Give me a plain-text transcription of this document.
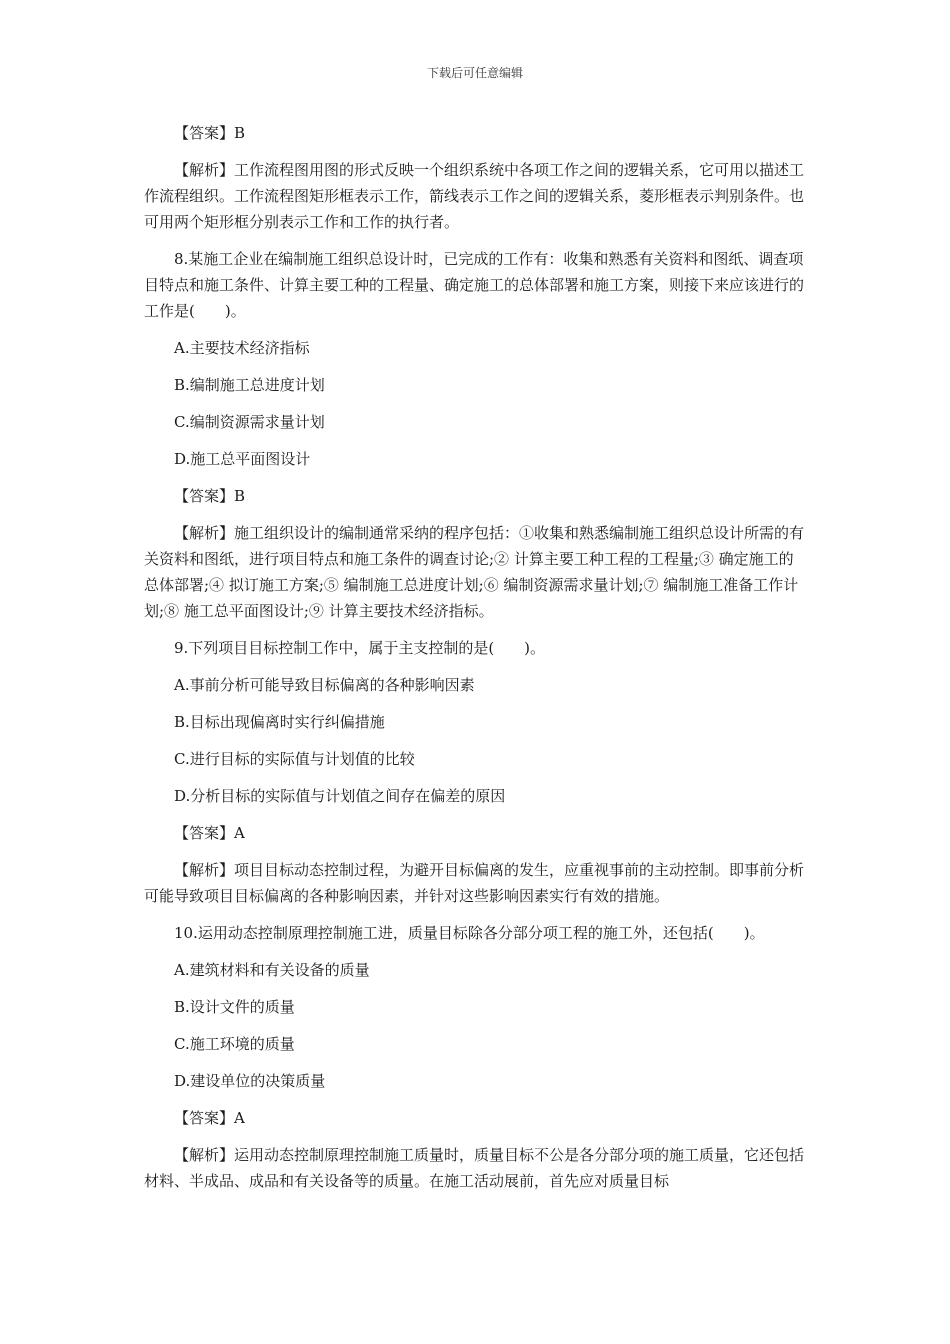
下载后可任意编辑

【答案】B

【解析】工作流程图用图的形式反映一个组织系统中各项工作之间的逻辑关系，它可用以描述工作流程组织。工作流程图矩形框表示工作，箭线表示工作之间的逻辑关系，菱形框表示判别条件。也可用两个矩形框分别表示工作和工作的执行者。

8.某施工企业在编制施工组织总设计时，已完成的工作有：收集和熟悉有关资料和图纸、调查项目特点和施工条件、计算主要工种的工程量、确定施工的总体部署和施工方案，则接下来应该进行的工作是(　　)。

A.主要技术经济指标

B.编制施工总进度计划

C.编制资源需求量计划

D.施工总平面图设计

【答案】B

【解析】施工组织设计的编制通常采纳的程序包括：①收集和熟悉编制施工组织总设计所需的有关资料和图纸，进行项目特点和施工条件的调查讨论;② 计算主要工种工程的工程量;③ 确定施工的总体部署;④ 拟订施工方案;⑤ 编制施工总进度计划;⑥ 编制资源需求量计划;⑦ 编制施工准备工作计划;⑧ 施工总平面图设计;⑨ 计算主要技术经济指标。

9.下列项目目标控制工作中，属于主支控制的是(　　)。

A.事前分析可能导致目标偏离的各种影响因素

B.目标出现偏离时实行纠偏措施

C.进行目标的实际值与计划值的比较

D.分析目标的实际值与计划值之间存在偏差的原因

【答案】A

【解析】项目目标动态控制过程，为避开目标偏离的发生，应重视事前的主动控制。即事前分析可能导致项目目标偏离的各种影响因素，并针对这些影响因素实行有效的措施。

10.运用动态控制原理控制施工进，质量目标除各分部分项工程的施工外，还包括(　　)。

A.建筑材料和有关设备的质量

B.设计文件的质量

C.施工环境的质量

D.建设单位的决策质量

【答案】A

【解析】运用动态控制原理控制施工质量时，质量目标不公是各分部分项的施工质量，它还包括材料、半成品、成品和有关设备等的质量。在施工活动展前，首先应对质量目标
